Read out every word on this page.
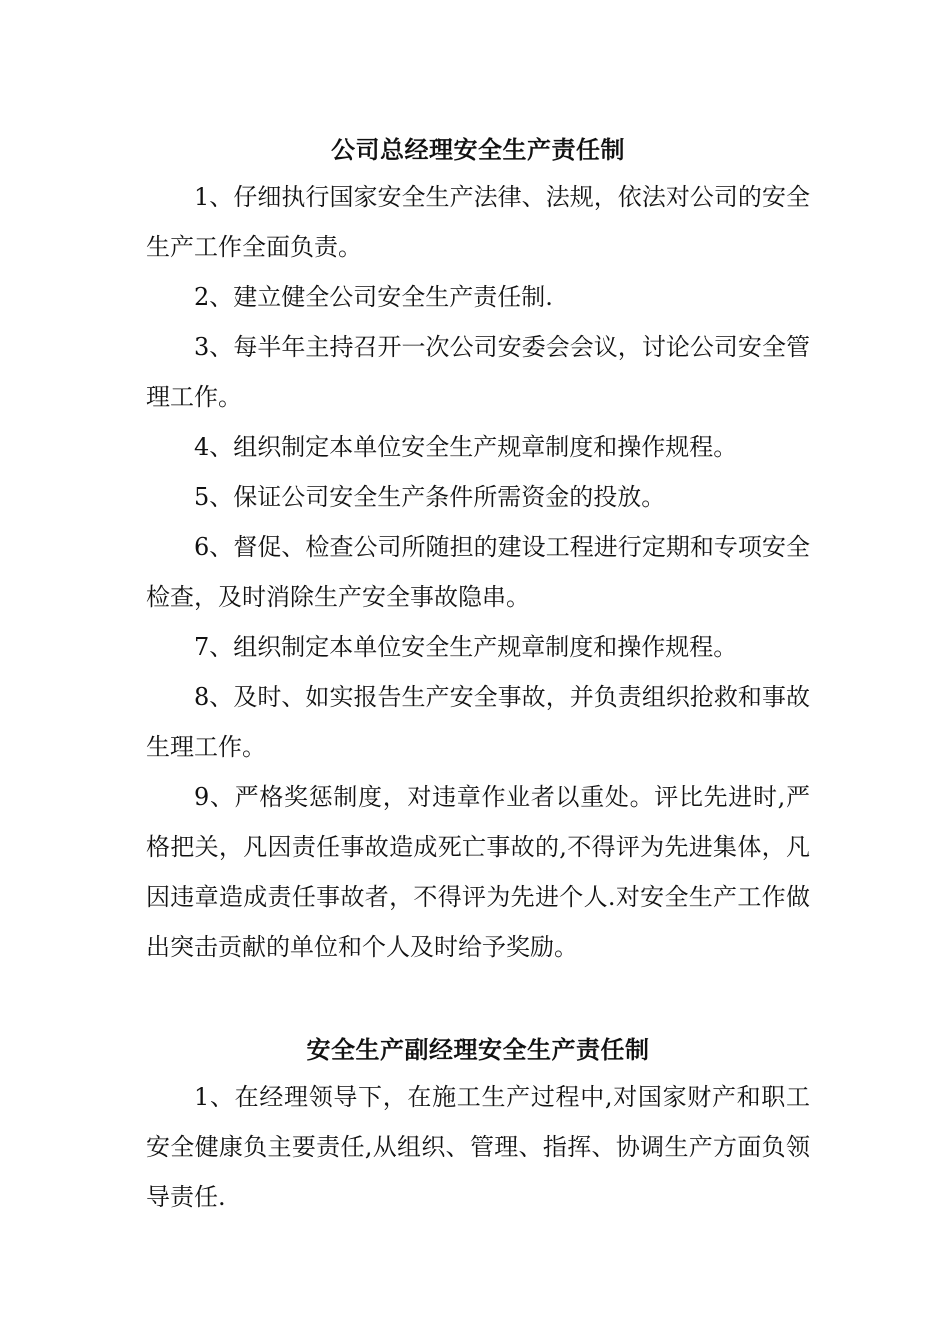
公司总经理安全生产责任制

1、仔细执行国家安全生产法律、法规，依法对公司的安全生产工作全面负责。

2、建立健全公司安全生产责任制.

3、每半年主持召开一次公司安委会会议，讨论公司安全管理工作。

4、组织制定本单位安全生产规章制度和操作规程。

5、保证公司安全生产条件所需资金的投放。

6、督促、检查公司所随担的建设工程进行定期和专项安全检查，及时消除生产安全事故隐串。

7、组织制定本单位安全生产规章制度和操作规程。

8、及时、如实报告生产安全事故，并负责组织抢救和事故生理工作。

9、严格奖惩制度，对违章作业者以重处。评比先进时,严格把关，凡因责任事故造成死亡事故的,不得评为先进集体，凡因违章造成责任事故者，不得评为先进个人.对安全生产工作做出突击贡献的单位和个人及时给予奖励。

安全生产副经理安全生产责任制

1、在经理领导下，在施工生产过程中,对国家财产和职工安全健康负主要责任,从组织、管理、指挥、协调生产方面负领导责任.
